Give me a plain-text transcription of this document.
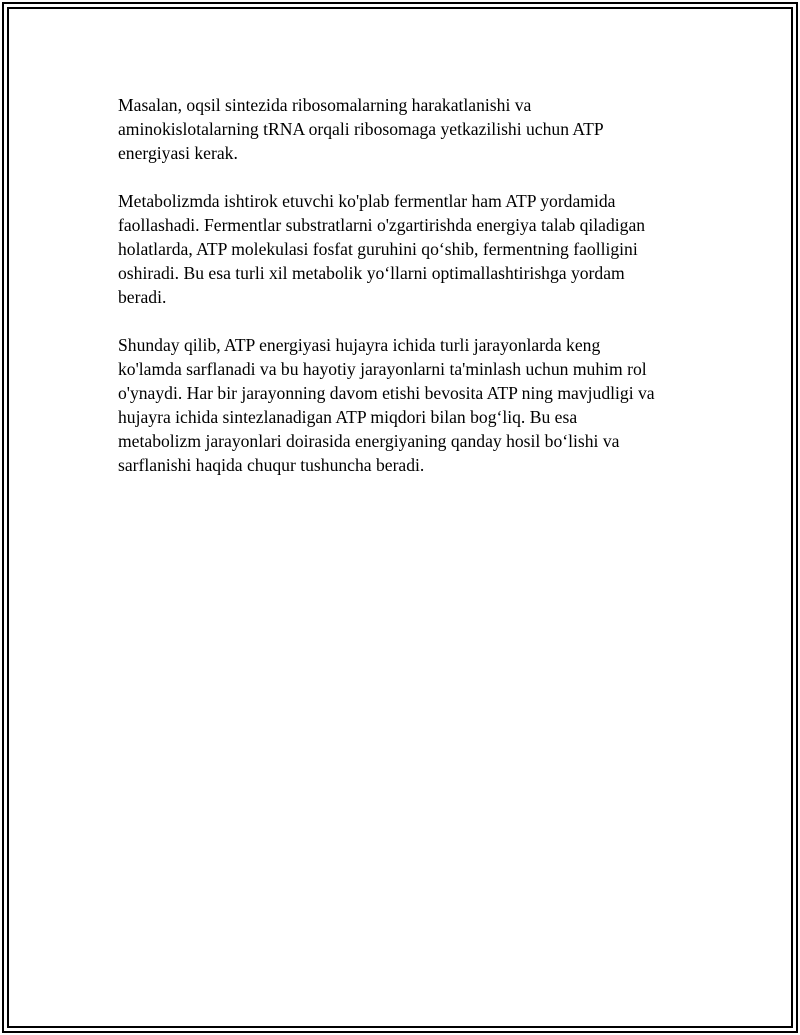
Masalan, oqsil sintezida ribosomalarning harakatlanishi va
aminokislotalarning tRNA orqali ribosomaga yetkazilishi uchun ATP
energiyasi kerak.

Metabolizmda ishtirok etuvchi ko'plab fermentlar ham ATP yordamida
faollashadi. Fermentlar substratlarni o'zgartirishda energiya talab qiladigan
holatlarda, ATP molekulasi fosfat guruhini qo‘shib, fermentning faolligini
oshiradi. Bu esa turli xil metabolik yo‘llarni optimallashtirishga yordam
beradi.

Shunday qilib, ATP energiyasi hujayra ichida turli jarayonlarda keng
ko'lamda sarflanadi va bu hayotiy jarayonlarni ta'minlash uchun muhim rol
o'ynaydi. Har bir jarayonning davom etishi bevosita ATP ning mavjudligi va
hujayra ichida sintezlanadigan ATP miqdori bilan bog‘liq. Bu esa
metabolizm jarayonlari doirasida energiyaning qanday hosil bo‘lishi va
sarflanishi haqida chuqur tushuncha beradi.
